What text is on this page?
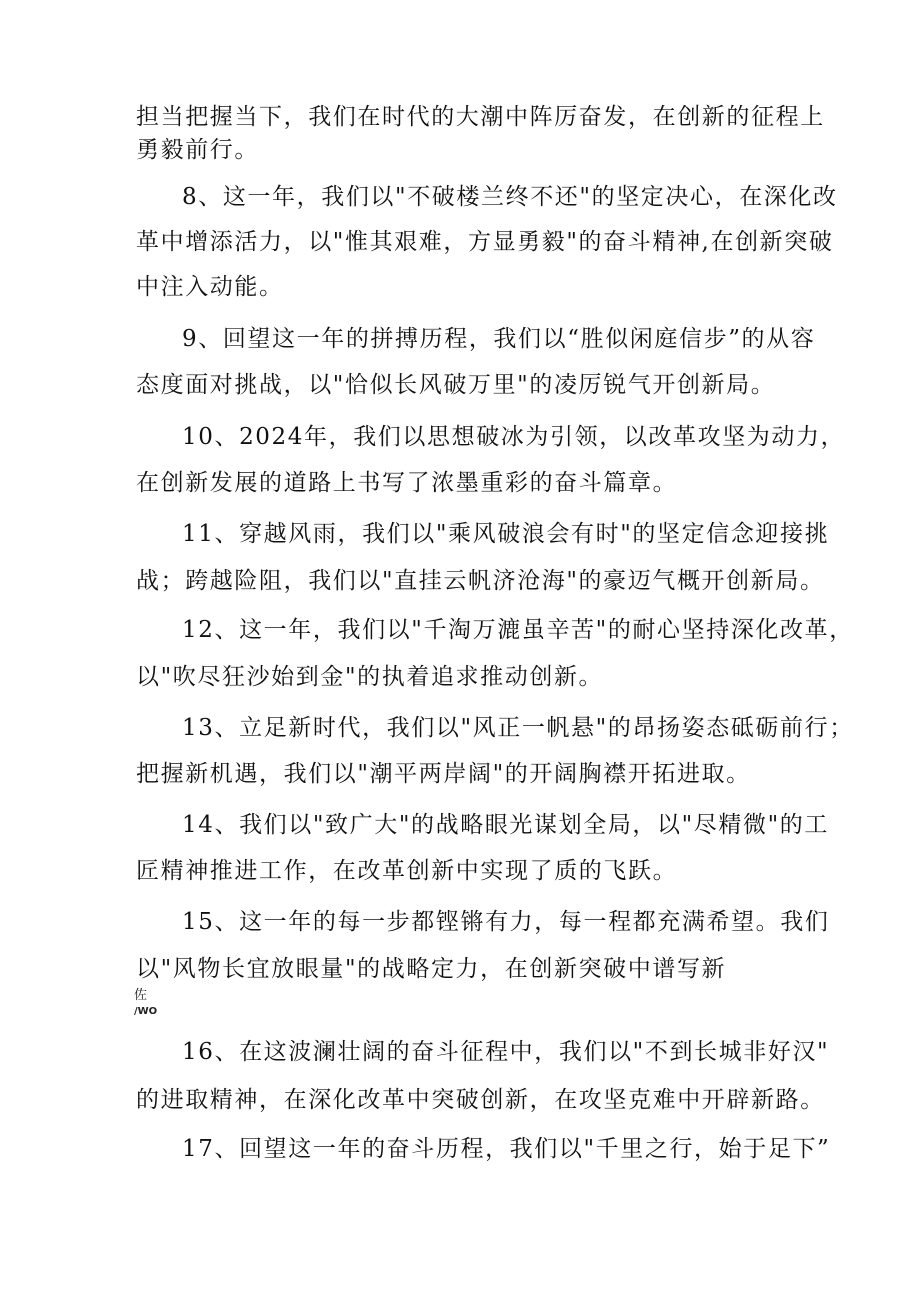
担当把握当下，我们在时代的大潮中阵厉奋发，在创新的征程上
勇毅前行。
8、这一年，我们以"不破楼兰终不还"的坚定决心，在深化改
革中增添活力，以"惟其艰难，方显勇毅"的奋斗精神,在创新突破
中注入动能。
9、回望这一年的拼搏历程，我们以“胜似闲庭信步”的从容
态度面对挑战，以"恰似长风破万里"的凌厉锐气开创新局。
10、2024年，我们以思想破冰为引领，以改革攻坚为动力，
在创新发展的道路上书写了浓墨重彩的奋斗篇章。
11、穿越风雨，我们以"乘风破浪会有时"的坚定信念迎接挑
战；跨越险阻，我们以"直挂云帆济沧海"的豪迈气概开创新局。
12、这一年，我们以"千淘万漉虽辛苦"的耐心坚持深化改革，
以"吹尽狂沙始到金"的执着追求推动创新。
13、立足新时代，我们以"风正一帆悬"的昂扬姿态砥砺前行；
把握新机遇，我们以"潮平两岸阔"的开阔胸襟开拓进取。
14、我们以"致广大"的战略眼光谋划全局，以"尽精微"的工
匠精神推进工作，在改革创新中实现了质的飞跃。
15、这一年的每一步都铿锵有力，每一程都充满希望。我们
以"风物长宜放眼量"的战略定力，在创新突破中谱写新
佐
/WO
16、在这波澜壮阔的奋斗征程中，我们以"不到长城非好汉"
的进取精神，在深化改革中突破创新，在攻坚克难中开辟新路。
17、回望这一年的奋斗历程，我们以"千里之行，始于足下”
